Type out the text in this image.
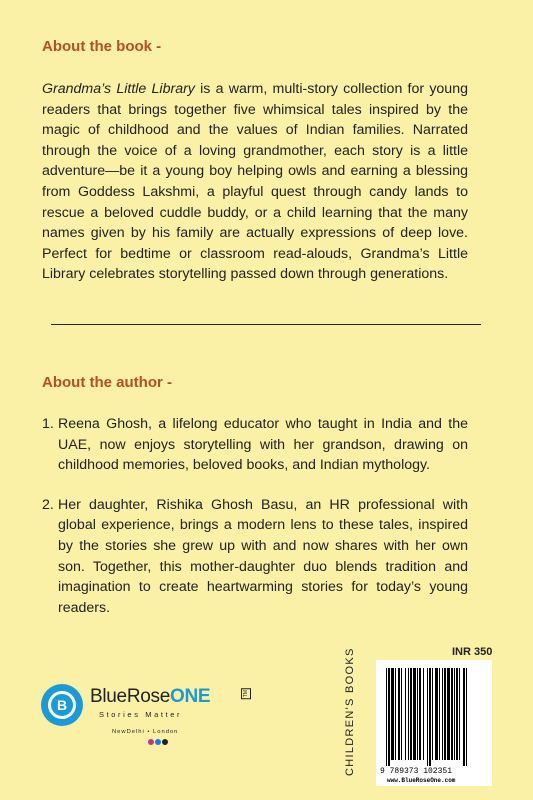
About the book -

Grandma’s Little Library is a warm, multi-story collection for young readers that brings together five whimsical tales inspired by the magic of childhood and the values of Indian families. Narrated through the voice of a loving grandmother, each story is a little adventure—be it a young boy helping owls and earning a blessing from Goddess Lakshmi, a playful quest through candy lands to rescue a beloved cuddle buddy, or a child learning that the many names given by his family are actually expressions of deep love. Perfect for bedtime or classroom read-alouds, Grandma’s Little Library celebrates storytelling passed down through generations.

About the author -
1. Reena Ghosh, a lifelong educator who taught in India and the UAE, now enjoys storytelling with her grandson, drawing on childhood memories, beloved books, and Indian mythology.
2. Her daughter, Rishika Ghosh Basu, an HR professional with global experience, brings a modern lens to these tales, inspired by the stories she grew up with and now shares with her own son. Together, this mother-daughter duo blends tradition and imagination to create heartwarming stories for today’s young readers.
B	BlueRoseONE	TM
Stories Matter
NewDelhi • London	CHILDREN'S BOOKS	INR 350
9 789373 102351
www.BlueRoseOne.com
